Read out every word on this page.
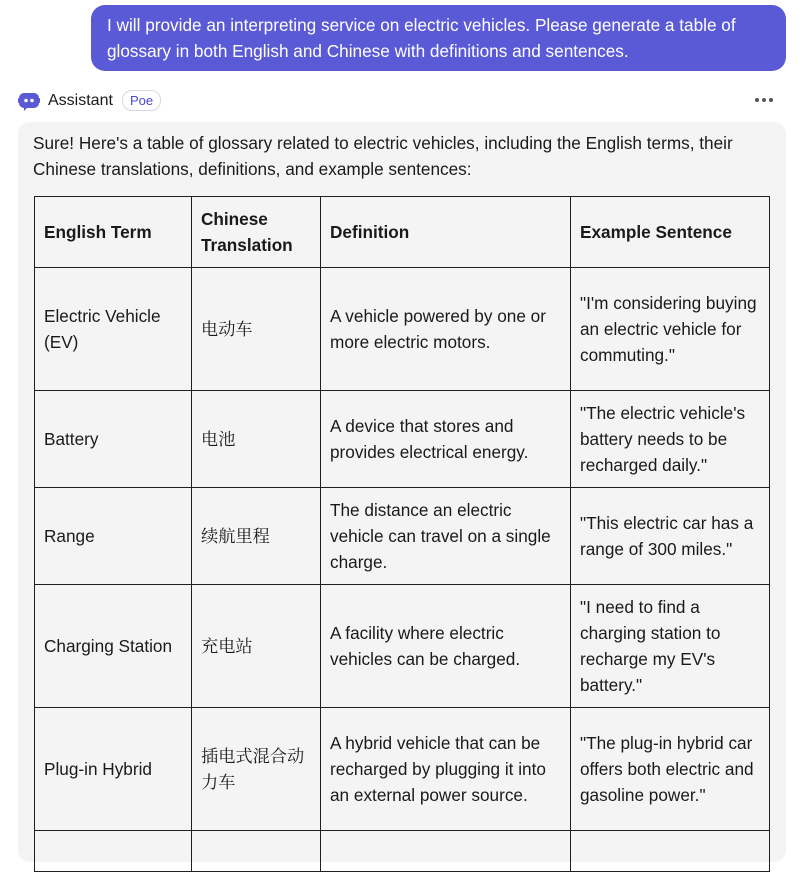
I will provide an interpreting service on electric vehicles. Please generate a table of glossary in both English and Chinese with definitions and sentences.
Assistant	Poe
Sure! Here's a table of glossary related to electric vehicles, including the English terms, their Chinese translations, definitions, and example sentences:
English Term	Chinese Translation	Definition	Example Sentence
Electric Vehicle (EV)	电动车	A vehicle powered by one or more electric motors.	"I'm considering buying an electric vehicle for commuting."
Battery	电池	A device that stores and provides electrical energy.	"The electric vehicle's battery needs to be recharged daily."
Range	续航里程	The distance an electric vehicle can travel on a single charge.	"This electric car has a range of 300 miles."
Charging Station	充电站	A facility where electric vehicles can be charged.	"I need to find a charging station to recharge my EV's battery."
Plug-in Hybrid	插电式混合动力车	A hybrid vehicle that can be recharged by plugging it into an external power source.	"The plug-in hybrid car offers both electric and gasoline power."
